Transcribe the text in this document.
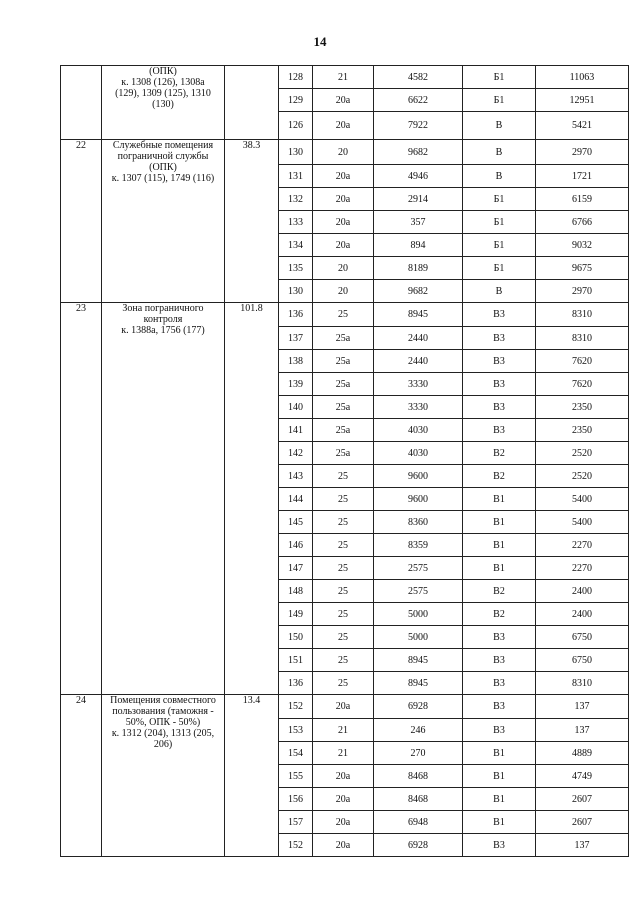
14

	(ОПК)
к. 1308 (126), 1308а
(129), 1309 (125), 1310
(130)		128	21	4582	Б1	11063
			129	20а	6622	Б1	12951
			126	20а	7922	В	5421
22	Служебные помещения
пограничной службы
(ОПК)
к. 1307 (115), 1749 (116)	38.3	130	20	9682	В	2970
			131	20а	4946	В	1721
			132	20а	2914	Б1	6159
			133	20а	357	Б1	6766
			134	20а	894	Б1	9032
			135	20	8189	Б1	9675
			130	20	9682	В	2970
23	Зона пограничного
контроля
к. 1388а, 1756 (177)	101.8	136	25	8945	В3	8310
			137	25а	2440	В3	8310
			138	25а	2440	В3	7620
			139	25а	3330	В3	7620
			140	25а	3330	В3	2350
			141	25а	4030	В3	2350
			142	25а	4030	В2	2520
			143	25	9600	В2	2520
			144	25	9600	В1	5400
			145	25	8360	В1	5400
			146	25	8359	В1	2270
			147	25	2575	В1	2270
			148	25	2575	В2	2400
			149	25	5000	В2	2400
			150	25	5000	В3	6750
			151	25	8945	В3	6750
			136	25	8945	В3	8310
24	Помещения совместного
пользования (таможня -
50%, ОПК - 50%)
к. 1312 (204), 1313 (205,
206)	13.4	152	20а	6928	В3	137
			153	21	246	В3	137
			154	21	270	В1	4889
			155	20а	8468	В1	4749
			156	20а	8468	В1	2607
			157	20а	6948	В1	2607
			152	20а	6928	В3	137
